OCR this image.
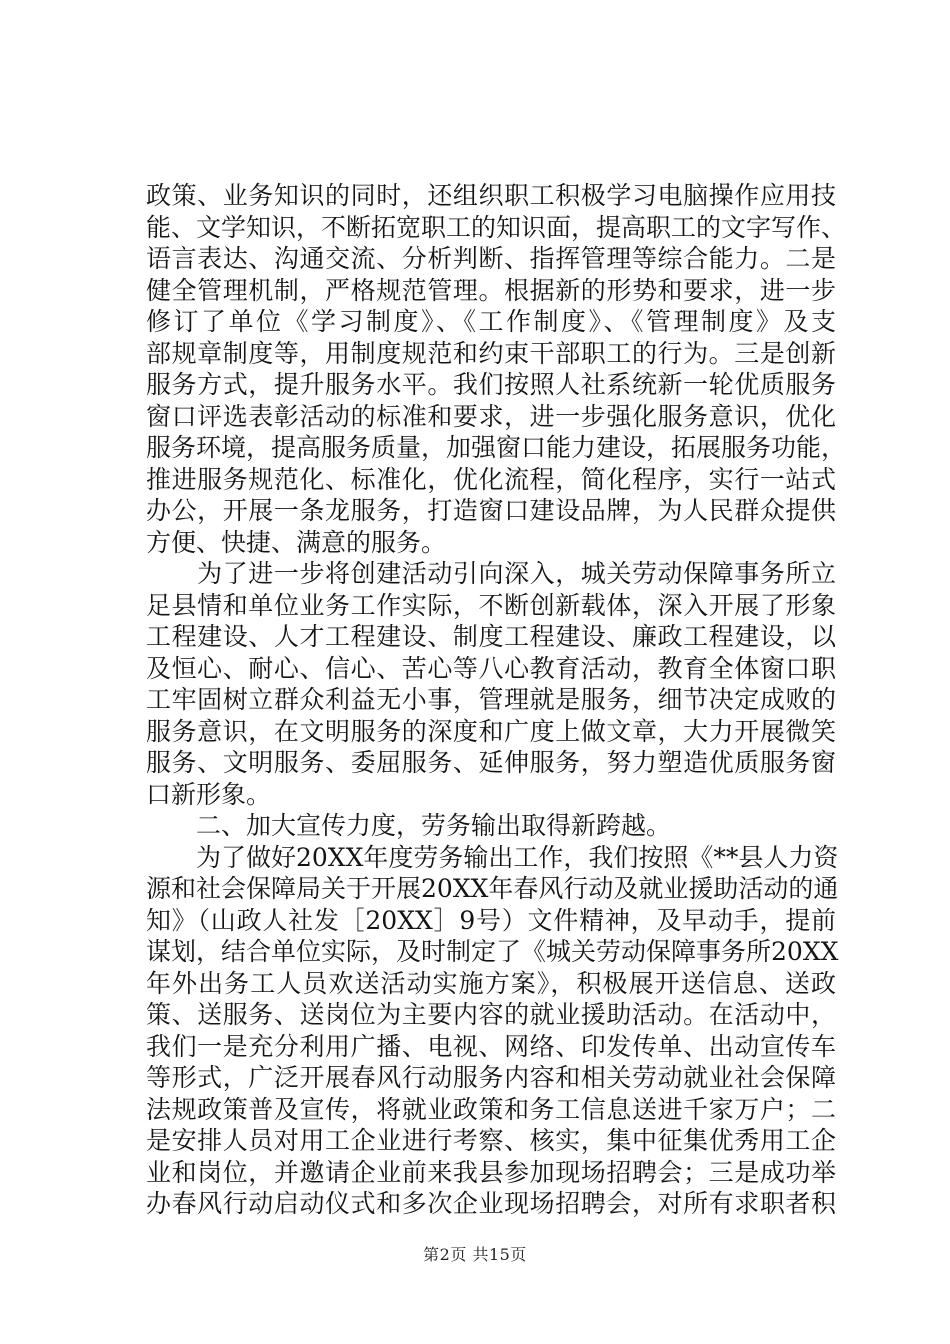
政策、业务知识的同时，还组织职工积极学习电脑操作应用技
能、文学知识，不断拓宽职工的知识面，提高职工的文字写作、
语言表达、沟通交流、分析判断、指挥管理等综合能力。二是
健全管理机制，严格规范管理。根据新的形势和要求，进一步
修订了单位《学习制度》、《工作制度》、《管理制度》及支
部规章制度等，用制度规范和约束干部职工的行为。三是创新
服务方式，提升服务水平。我们按照人社系统新一轮优质服务
窗口评选表彰活动的标准和要求，进一步强化服务意识，优化
服务环境，提高服务质量，加强窗口能力建设，拓展服务功能，
推进服务规范化、标准化，优化流程，简化程序，实行一站式
办公，开展一条龙服务，打造窗口建设品牌，为人民群众提供
方便、快捷、满意的服务。
　　为了进一步将创建活动引向深入，城关劳动保障事务所立
足县情和单位业务工作实际，不断创新载体，深入开展了形象
工程建设、人才工程建设、制度工程建设、廉政工程建设，以
及恒心、耐心、信心、苦心等八心教育活动，教育全体窗口职
工牢固树立群众利益无小事，管理就是服务，细节决定成败的
服务意识，在文明服务的深度和广度上做文章，大力开展微笑
服务、文明服务、委屈服务、延伸服务，努力塑造优质服务窗
口新形象。
　　二、加大宣传力度，劳务输出取得新跨越。
　　为了做好20XX年度劳务输出工作，我们按照《**县人力资
源和社会保障局关于开展20XX年春风行动及就业援助活动的通
知》（山政人社发［20XX］9号）文件精神，及早动手，提前
谋划，结合单位实际，及时制定了《城关劳动保障事务所20XX
年外出务工人员欢送活动实施方案》，积极展开送信息、送政
策、送服务、送岗位为主要内容的就业援助活动。在活动中，
我们一是充分利用广播、电视、网络、印发传单、出动宣传车
等形式，广泛开展春风行动服务内容和相关劳动就业社会保障
法规政策普及宣传，将就业政策和务工信息送进千家万户；二
是安排人员对用工企业进行考察、核实，集中征集优秀用工企
业和岗位，并邀请企业前来我县参加现场招聘会；三是成功举
办春风行动启动仪式和多次企业现场招聘会，对所有求职者积
第2页 共15页
